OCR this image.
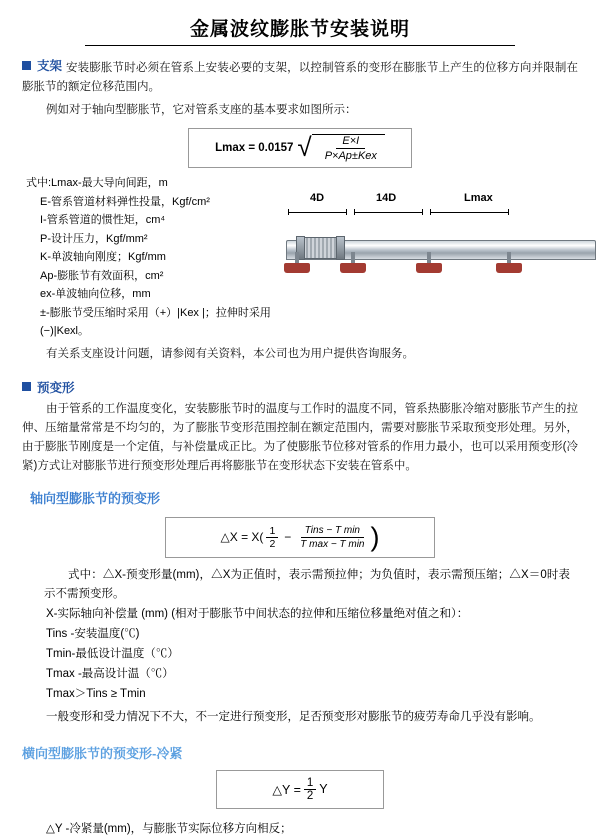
金属波纹膨胀节安装说明
支架 安装膨胀节时必须在管系上安装必要的支架，以控制管系的变形在膨胀节上产生的位移方向并限制在膨胀节的额定位移范围内。
例如对于轴向型膨胀节，它对管系支座的基本要求如图所示：
Lmax = 0.0157 √ $\frac{E\times I}{\text{P×Ap±Kex}}$
式中:Lmax-最大导向间距，m
E-管系管道材料弹性投量，Kgf/cm²
I-管系管道的惯性矩，cm⁴
P-设计压力，Kgf/mm²
K-单波轴向刚度；Kgf/mm
Ap-膨胀节有效面积，cm²
ex-单波轴向位移，mm
±-膨胀节受压缩时采用（+）|Kex |；拉伸时采用(−)|Kexl。
4D	14D	Lmax
有关系支座设计问题，请参阅有关资料，本公司也为用户提供咨询服务。
预变形
由于管系的工作温度变化，安装膨胀节时的温度与工作时的温度不同，管系热膨胀冷缩对膨胀节产生的拉伸、压缩量常常是不均匀的，为了膨胀节变形范围控制在额定范围内，需要对膨胀节采取预变形处理。另外，由于膨胀节刚度是一个定值，与补偿量成正比。为了使膨胀节位移对管系的作用力最小，也可以采用预变形(冷紧)方式让对膨胀节进行预变形处理后再将膨胀节在变形状态下安装在管系中。
轴向型膨胀节的预变形
△X = $X( \frac{1}{2} - \frac{\text{Tins − T min}}{\text{T max − T min}}$ )
式中：△X-预变形量(mm)，△X为正值时，表示需预拉伸；为负值时，表示需预压缩；△X＝0时表示不需预变形。
X-实际轴向补偿量 (mm) (相对于膨胀节中间状态的拉伸和压缩位移量绝对值之和）：
Tins -安装温度(℃)
Tmin-最低设计温度（℃）
Tmax -最高设计温（℃）
Tmax＞Tins ≥ Tmin
一般变形和受力情况下不大，不一定进行预变形，足否预变形对膨胀节的疲劳寿命几乎没有影响。
横向型膨胀节的预变形-冷紧
△Y = $\frac{1}{2}$ Y
△Y -冷紧量(mm)，与膨胀节实际位移方向相反；
